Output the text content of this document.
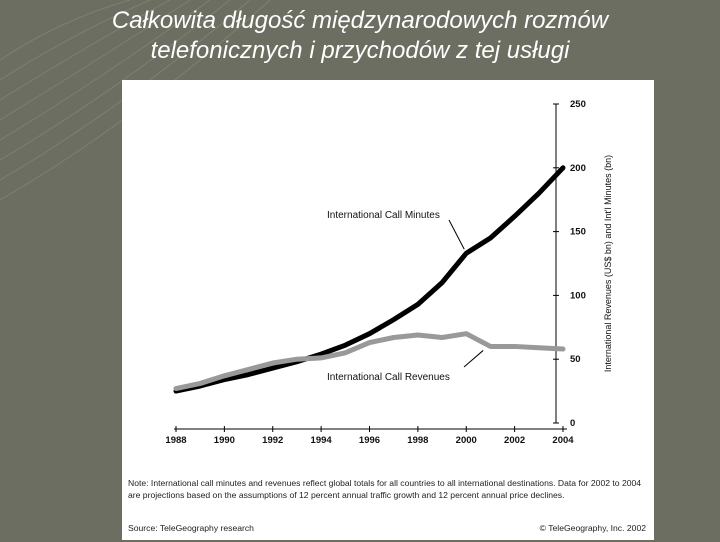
Całkowita długość międzynarodowych rozmów
telefonicznych i przychodów z tej usługi
1988	1990	1992	1994	1996	1998	2000	2002	2004
0
50
100
150
200
250
International Revenues (US$ bn) and Int'l Minutes (bn)
International Call Minutes
International Call Revenues
Note: International call minutes and revenues reflect global totals for all countries to all international destinations. Data for 2002 to 2004 are projections based on the assumptions of 12 percent annual traffic growth and 12 percent annual price declines.
Source: TeleGeography research	© TeleGeography, Inc. 2002
